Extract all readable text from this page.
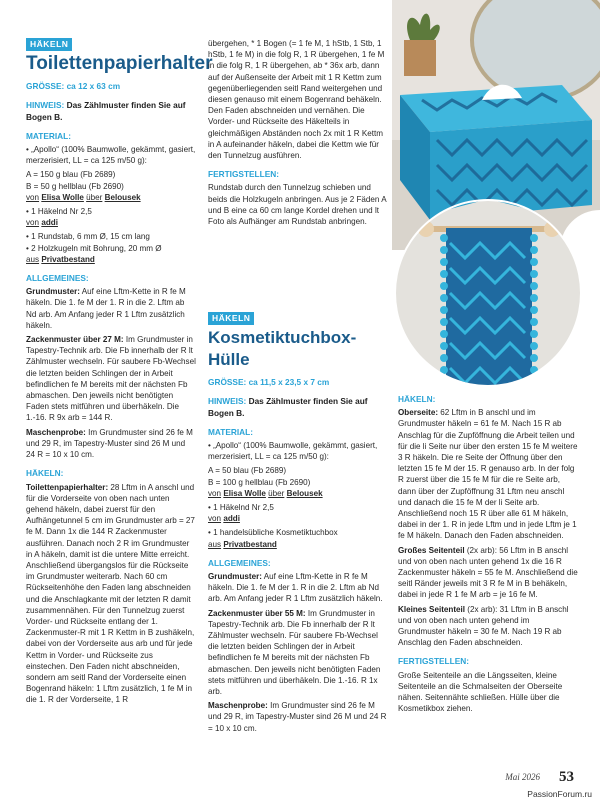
HÄKELN
Toilettenpapierhalter
GRÖSSE: ca 12 x 63 cm
HINWEIS: Das Zählmuster finden Sie auf Bogen B.
MATERIAL:

• „Apollo“ (100% Baumwolle, gekämmt, gasiert, merzerisiert, LL = ca 125 m/50 g):

A = 150 g blau (Fb 2689)

B = 50 g hellblau (Fb 2690)

von Elisa Wolle über Belousek

• 1 Häkelnd Nr 2,5

von addi

• 1 Rundstab, 6 mm Ø, 15 cm lang

• 2 Holzkugeln mit Bohrung, 20 mm Ø

aus Privatbestand

ALLGEMEINES:

Grundmuster: Auf eine Lftm-Kette in R fe M häkeln. Die 1. fe M der 1. R in die 2. Lftm ab Nd arb. Am Anfang jeder R 1 Lftm zusätzlich häkeln.

Zackenmuster über 27 M: Im Grundmuster in Tapestry-Technik arb. Die Fb innerhalb der R lt Zählmuster wechseln. Für saubere Fb-Wechsel die letzten beiden Schlingen der in Arbeit befindlichen fe M bereits mit der nächsten Fb abmaschen. Den jeweils nicht benötigten Faden stets mitführen und überhäkeln. Die 1.-16. R 9x arb = 144 R.

Maschenprobe: Im Grundmuster sind 26 fe M und 29 R, im Tapestry-Muster sind 26 M und 24 R = 10 x 10 cm.

HÄKELN:

Toilettenpapierhalter: 28 Lftm in A anschl und für die Vorderseite von oben nach unten gehend häkeln, dabei zuerst für den Aufhängetunnel 5 cm im Grundmuster arb = 27 fe M. Dann 1x die 144 R Zackenmuster ausführen. Danach noch 2 R im Grundmuster in A häkeln, damit ist die untere Mitte erreicht. Anschließend übergangslos für die Rückseite im Grundmuster weiterarb. Nach 60 cm Rückseitenhöhe den Faden lang abschneiden und die Anschlagkante mit der letzten R damit zusammennähen. Für den Tunnelzug zuerst Vorder- und Rückseite entlang der 1. Zackenmuster-R mit 1 R Kettm in B zushäkeln, dabei von der Vorderseite aus arb und für jede Kettm in Vorder- und Rückseite zus einstechen. Den Faden nicht abschneiden, sondern am seitl Rand der Vorderseite einen Bogenrand häkeln: 1 Lftm zusätzlich, 1 fe M in die 1. R der Vorderseite, 1 R

übergehen, * 1 Bogen (= 1 fe M, 1 hStb, 1 Stb, 1 hStb, 1 fe M) in die folg R, 1 R übergehen, 1 fe M in die folg R, 1 R übergehen, ab * 36x arb, dann auf der Außenseite der Arbeit mit 1 R Kettm zum gegenüberliegenden seitl Rand weitergehen und diesen genauso mit einem Bogenrand behäkeln. Den Faden abschneiden und vernähen. Die Vorder- und Rückseite des Häkelteils in gleichmäßigen Abständen noch 2x mit 1 R Kettm in A aufeinander häkeln, dabei die Kettm wie für den Tunnelzug ausführen.

FERTIGSTELLEN:

Rundstab durch den Tunnelzug schieben und beids die Holzkugeln anbringen. Aus je 2 Fäden A und B eine ca 60 cm lange Kordel drehen und lt Foto als Aufhänger am Rundstab anbringen.

HÄKELN
Kosmetiktuchbox-Hülle
GRÖSSE: ca 11,5 x 23,5 x 7 cm
HINWEIS: Das Zählmuster finden Sie auf Bogen B.
MATERIAL:

• „Apollo“ (100% Baumwolle, gekämmt, gasiert, merzerisiert, LL = ca 125 m/50 g):

A = 50 blau (Fb 2689)

B = 100 g hellblau (Fb 2690)

von Elisa Wolle über Belousek

• 1 Häkelnd Nr 2,5

von addi

• 1 handelsübliche Kosmetiktuchbox

aus Privatbestand

ALLGEMEINES:

Grundmuster: Auf eine Lftm-Kette in R fe M häkeln. Die 1. fe M der 1. R in die 2. Lftm ab Nd arb. Am Anfang jeder R 1 Lftm zusätzlich häkeln.

Zackenmuster über 55 M: Im Grundmuster in Tapestry-Technik arb. Die Fb innerhalb der R lt Zählmuster wechseln. Für saubere Fb-Wechsel die letzten beiden Schlingen der in Arbeit befindlichen fe M bereits mit der nächsten Fb abmaschen. Den jeweils nicht benötigten Faden stets mitführen und überhäkeln. Die 1.-16. R 1x arb.

Maschenprobe: Im Grundmuster sind 26 fe M und 29 R, im Tapestry-Muster sind 26 M und 24 R = 10 x 10 cm.

HÄKELN:

Oberseite: 62 Lftm in B anschl und im Grundmuster häkeln = 61 fe M. Nach 15 R ab Anschlag für die Zupföffnung die Arbeit teilen und für die li Seite nur über den ersten 15 fe M weitere 3 R häkeln. Die re Seite der Öffnung über den letzten 15 fe M der 15. R genauso arb. In der folg R zuerst über die 15 fe M für die re Seite arb, dann über der Zupföffnung 31 Lftm neu anschl und danach die 15 fe M der li Seite arb. Anschließend noch 15 R über alle 61 M häkeln, dabei in der 1. R in jede Lftm und in jede Lftm je 1 fe M häkeln. Danach den Faden abschneiden.

Großes Seitenteil (2x arb): 56 Lftm in B anschl und von oben nach unten gehend 1x die 16 R Zackenmuster häkeln = 55 fe M. Anschließend die seitl Ränder jeweils mit 3 R fe M in B behäkeln, dabei in jede R 1 fe M arb = je 16 fe M.

Kleines Seitenteil (2x arb): 31 Lftm in B anschl und von oben nach unten gehend im Grundmuster häkeln = 30 fe M. Nach 19 R ab Anschlag den Faden abschneiden.

FERTIGSTELLEN:

Große Seitenteile an die Längsseiten, kleine Seitenteile an die Schmalseiten der Oberseite nähen. Seitennähte schließen. Hülle über die Kosmetikbox ziehen.

Mai 2026 53
PassionForum.ru
